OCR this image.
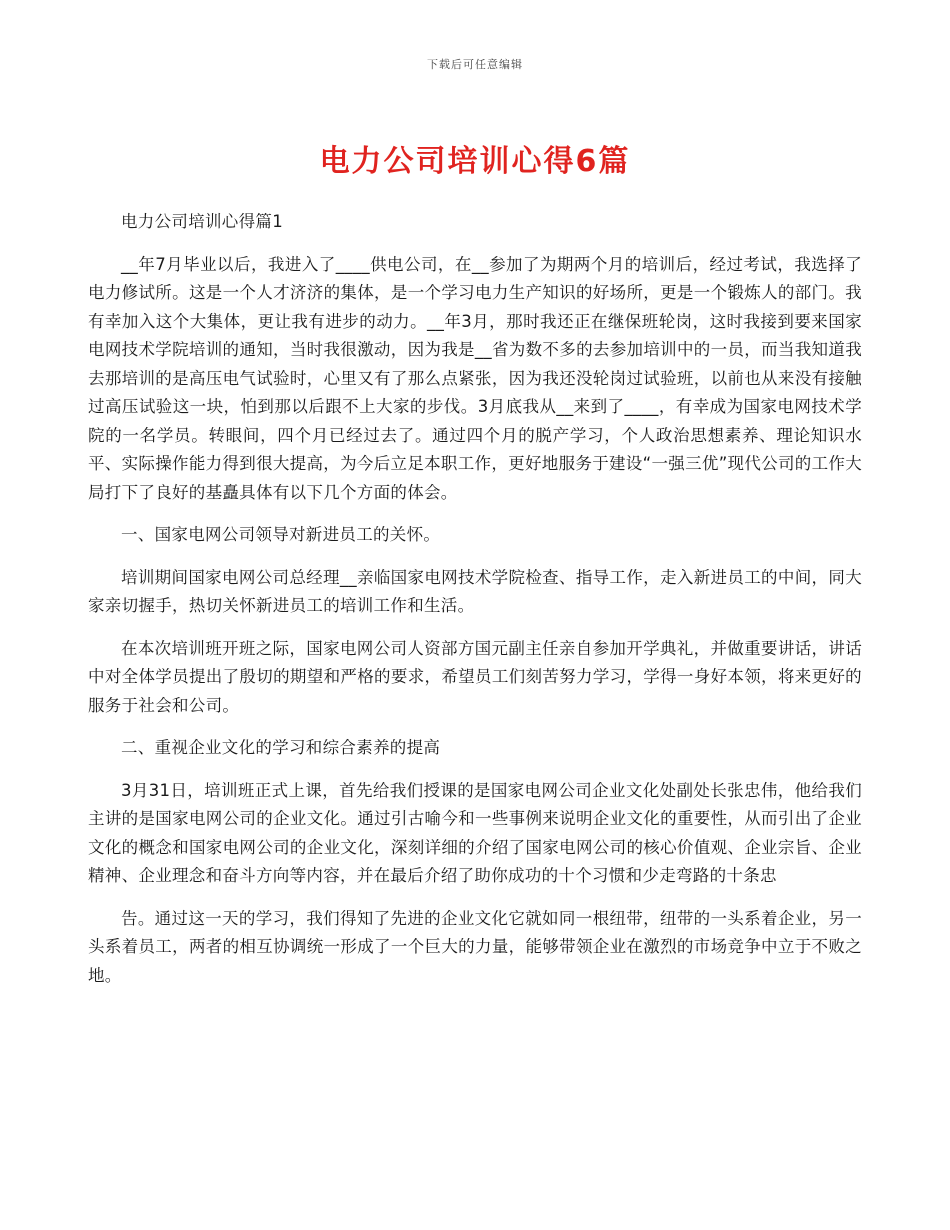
下载后可任意编辑
电力公司培训心得6篇

电力公司培训心得篇1

__年7月毕业以后，我进入了____供电公司，在__参加了为期两个月的培训后，经过考试，我选择了电力修试所。这是一个人才济济的集体，是一个学习电力生产知识的好场所，更是一个锻炼人的部门。我有幸加入这个大集体，更让我有进步的动力。__年3月，那时我还正在继保班轮岗，这时我接到要来国家电网技术学院培训的通知，当时我很激动，因为我是__省为数不多的去参加培训中的一员，而当我知道我去那培训的是高压电气试验时，心里又有了那么点紧张，因为我还没轮岗过试验班，以前也从来没有接触过高压试验这一块，怕到那以后跟不上大家的步伐。3月底我从__来到了____，有幸成为国家电网技术学院的一名学员。转眼间，四个月已经过去了。通过四个月的脱产学习，个人政治思想素养、理论知识水平、实际操作能力得到很大提高，为今后立足本职工作，更好地服务于建设“一强三优”现代公司的工作大局打下了良好的基矗具体有以下几个方面的体会。

一、国家电网公司领导对新进员工的关怀。

培训期间国家电网公司总经理__亲临国家电网技术学院检查、指导工作，走入新进员工的中间，同大家亲切握手，热切关怀新进员工的培训工作和生活。

在本次培训班开班之际，国家电网公司人资部方国元副主任亲自参加开学典礼，并做重要讲话，讲话中对全体学员提出了殷切的期望和严格的要求，希望员工们刻苦努力学习，学得一身好本领，将来更好的服务于社会和公司。

二、重视企业文化的学习和综合素养的提高

3月31日，培训班正式上课，首先给我们授课的是国家电网公司企业文化处副处长张忠伟，他给我们主讲的是国家电网公司的企业文化。通过引古喻今和一些事例来说明企业文化的重要性，从而引出了企业文化的概念和国家电网公司的企业文化，深刻详细的介绍了国家电网公司的核心价值观、企业宗旨、企业精神、企业理念和奋斗方向等内容，并在最后介绍了助你成功的十个习惯和少走弯路的十条忠

告。通过这一天的学习，我们得知了先进的企业文化它就如同一根纽带，纽带的一头系着企业，另一头系着员工，两者的相互协调统一形成了一个巨大的力量，能够带领企业在激烈的市场竞争中立于不败之地。
